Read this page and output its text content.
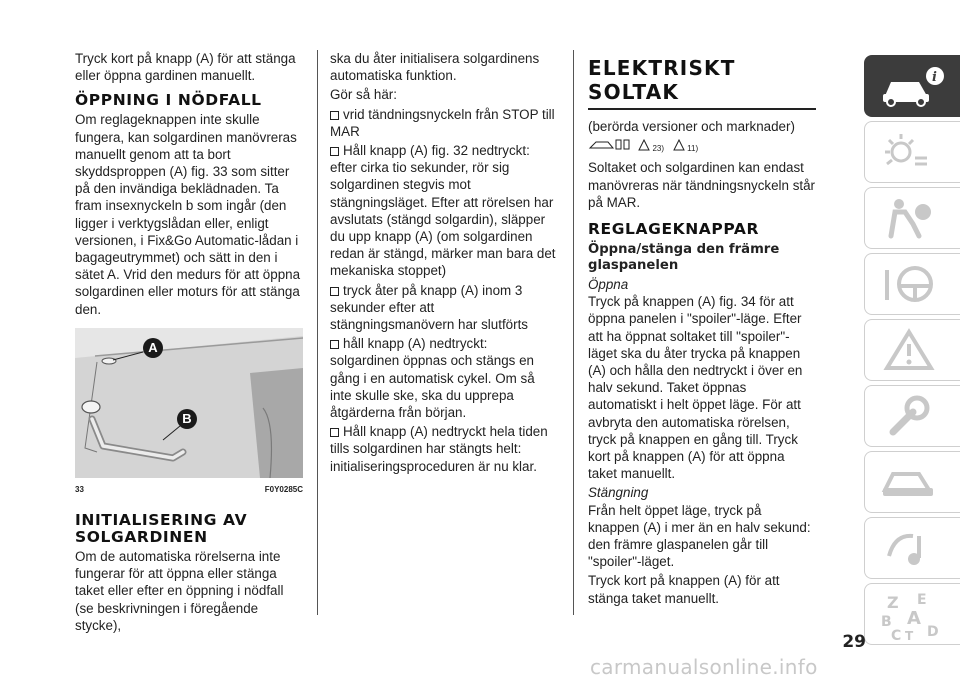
Tryck kort på knapp (A) för att stänga eller öppna gardinen manuellt.

ÖPPNING I NÖDFALL

Om reglageknappen inte skulle fungera, kan solgardinen manövreras manuellt genom att ta bort skyddsproppen (A) fig. 33 som sitter på den invändiga beklädnaden. Ta fram insexnyckeln b som ingår (den ligger i verktygslådan eller, enligt versionen, i Fix&Go Automatic-lådan i bagageutrymmet) och sätt in den i sätet A. Vrid den medurs för att öppna solgardinen eller moturs för att stänga den.

A
B
33	F0Y0285C
INITIALISERING AV SOLGARDINEN

Om de automatiska rörelserna inte fungerar för att öppna eller stänga taket eller efter en öppning i nödfall (se beskrivningen i föregående stycke),

ska du åter initialisera solgardinens automatiska funktion.

Gör så här:

vrid tändningsnyckeln från STOP till MAR

Håll knapp (A) fig. 32 nedtryckt: efter cirka tio sekunder, rör sig solgardinen stegvis mot stängningsläget. Efter att rörelsen har avslutats (stängd solgardin), släpper du upp knapp (A) (om solgardinen redan är stängd, märker man bara det mekaniska stoppet)

tryck åter på knapp (A) inom 3 sekunder efter att stängningsmanövern har slutförts

håll knapp (A) nedtryckt: solgardinen öppnas och stängs en gång i en automatisk cykel. Om så inte skulle ske, ska du upprepa åtgärderna från början.

Håll knapp (A) nedtryckt hela tiden tills solgardinen har stängts helt: initialiseringsproceduren är nu klar.

ELEKTRISKT SOLTAK

(berörda versioner och marknader)

23)	11)

Soltaket och solgardinen kan endast manövreras när tändningsnyckeln står på MAR.

REGLAGEKNAPPAR
Öppna/stänga den främre glaspanelen
Öppna

Tryck på knappen (A) fig. 34 för att öppna panelen i "spoiler"-läge. Efter att ha öppnat soltaket till "spoiler"-läget ska du åter trycka på knappen (A) och hålla den nedtryckt i över en halv sekund. Taket öppnas automatiskt i helt öppet läge. För att avbryta den automatiska rörelsen, tryck på knappen en gång till. Tryck kort på knappen (A) för att öppna taket manuellt.

Stängning

Från helt öppet läge, tryck på knappen (A) i mer än en halv sekund: den främre glaspanelen går till "spoiler"-läget.

Tryck kort på knappen (A) för att stänga taket manuellt.

i
Z E
B A
C T D
29
carmanualsonline.info
